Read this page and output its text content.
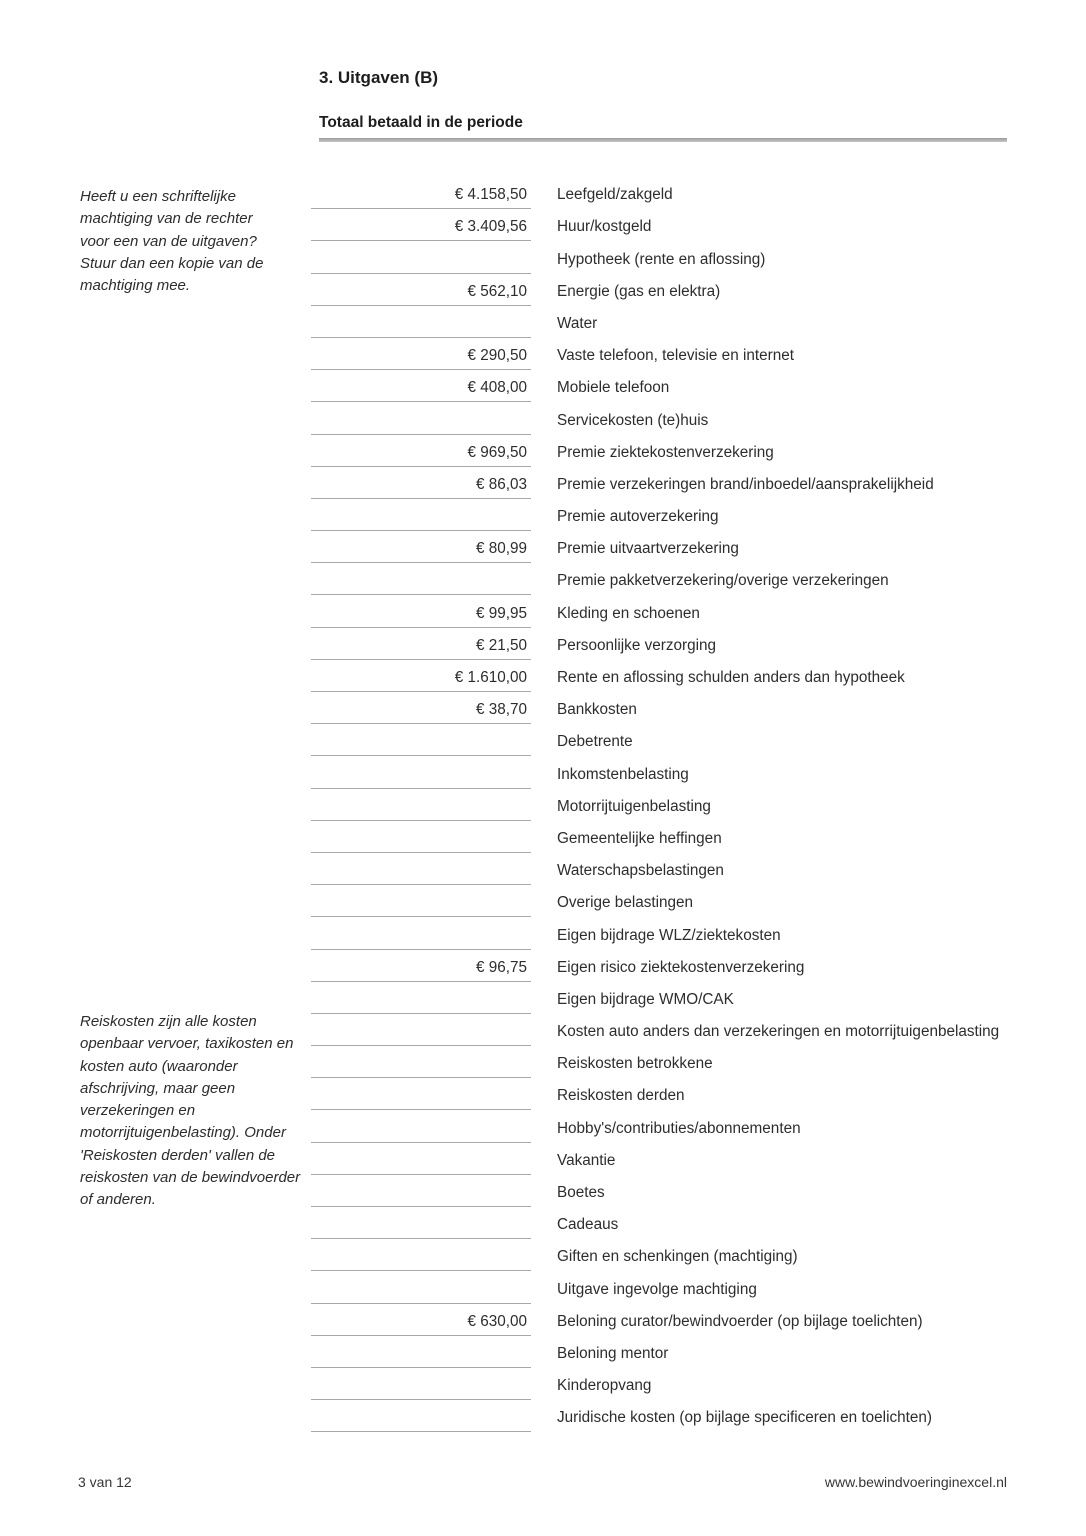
3. Uitgaven (B)
Totaal betaald in de periode
Heeft u een schriftelijke machtiging van de rechter voor een van de uitgaven? Stuur dan een kopie van de machtiging mee.
Reiskosten zijn alle kosten openbaar vervoer, taxikosten en kosten auto (waaronder afschrijving, maar geen verzekeringen en motorrijtuigenbelasting). Onder 'Reiskosten derden' vallen de reiskosten van de bewindvoerder of anderen.
€ 4.158,50 Leefgeld/zakgeld
€ 3.409,56 Huur/kostgeld
Hypotheek (rente en aflossing)
€ 562,10 Energie (gas en elektra)
Water
€ 290,50 Vaste telefoon, televisie en internet
€ 408,00 Mobiele telefoon
Servicekosten (te)huis
€ 969,50 Premie ziektekostenverzekering
€ 86,03 Premie verzekeringen brand/inboedel/aansprakelijkheid
Premie autoverzekering
€ 80,99 Premie uitvaartverzekering
Premie pakketverzekering/overige verzekeringen
€ 99,95 Kleding en schoenen
€ 21,50 Persoonlijke verzorging
€ 1.610,00 Rente en aflossing schulden anders dan hypotheek
€ 38,70 Bankkosten
Debetrente
Inkomstenbelasting
Motorrijtuigenbelasting
Gemeentelijke heffingen
Waterschapsbelastingen
Overige belastingen
Eigen bijdrage WLZ/ziektekosten
€ 96,75 Eigen risico ziektekostenverzekering
Eigen bijdrage WMO/CAK
Kosten auto anders dan verzekeringen en motorrijtuigenbelasting
Reiskosten betrokkene
Reiskosten derden
Hobby's/contributies/abonnementen
Vakantie
Boetes
Cadeaus
Giften en schenkingen (machtiging)
Uitgave ingevolge machtiging
€ 630,00 Beloning curator/bewindvoerder (op bijlage toelichten)
Beloning mentor
Kinderopvang
Juridische kosten (op bijlage specificeren en toelichten)
3 van 12	www.bewindvoeringinexcel.nl
